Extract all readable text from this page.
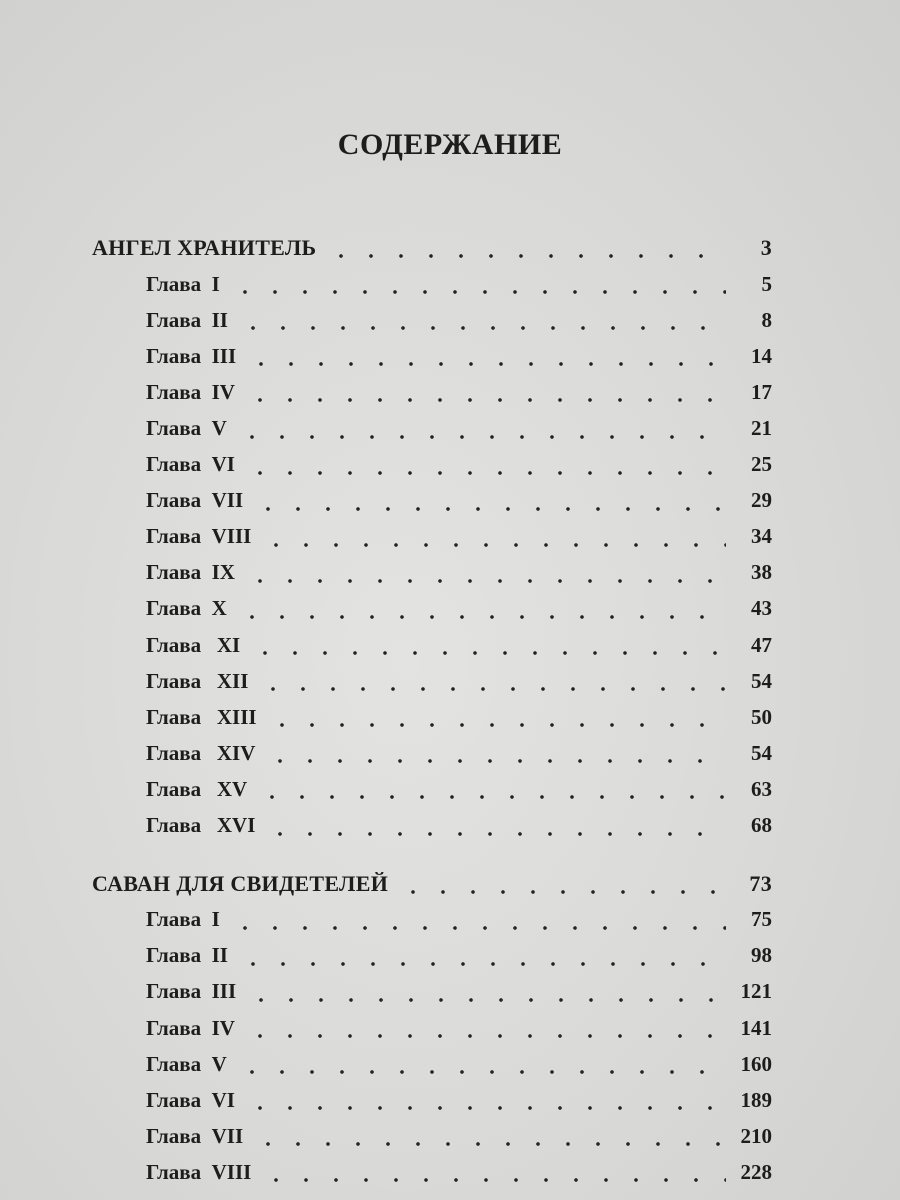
СОДЕРЖАНИЕ
АНГЕЛ ХРАНИТЕЛЬ	3
Глава  I	5
Глава  II	8
Глава  III	14
Глава  IV	17
Глава  V	21
Глава  VI	25
Глава  VII	29
Глава  VIII	34
Глава  IX	38
Глава  X	43
Глава   XI	47
Глава   XII	54
Глава   XIII	50
Глава   XIV	54
Глава   XV	63
Глава   XVI	68
САВАН ДЛЯ СВИДЕТЕЛЕЙ	73
Глава  I	75
Глава  II	98
Глава  III	121
Глава  IV	141
Глава  V	160
Глава  VI	189
Глава  VII	210
Глава  VIII	228
